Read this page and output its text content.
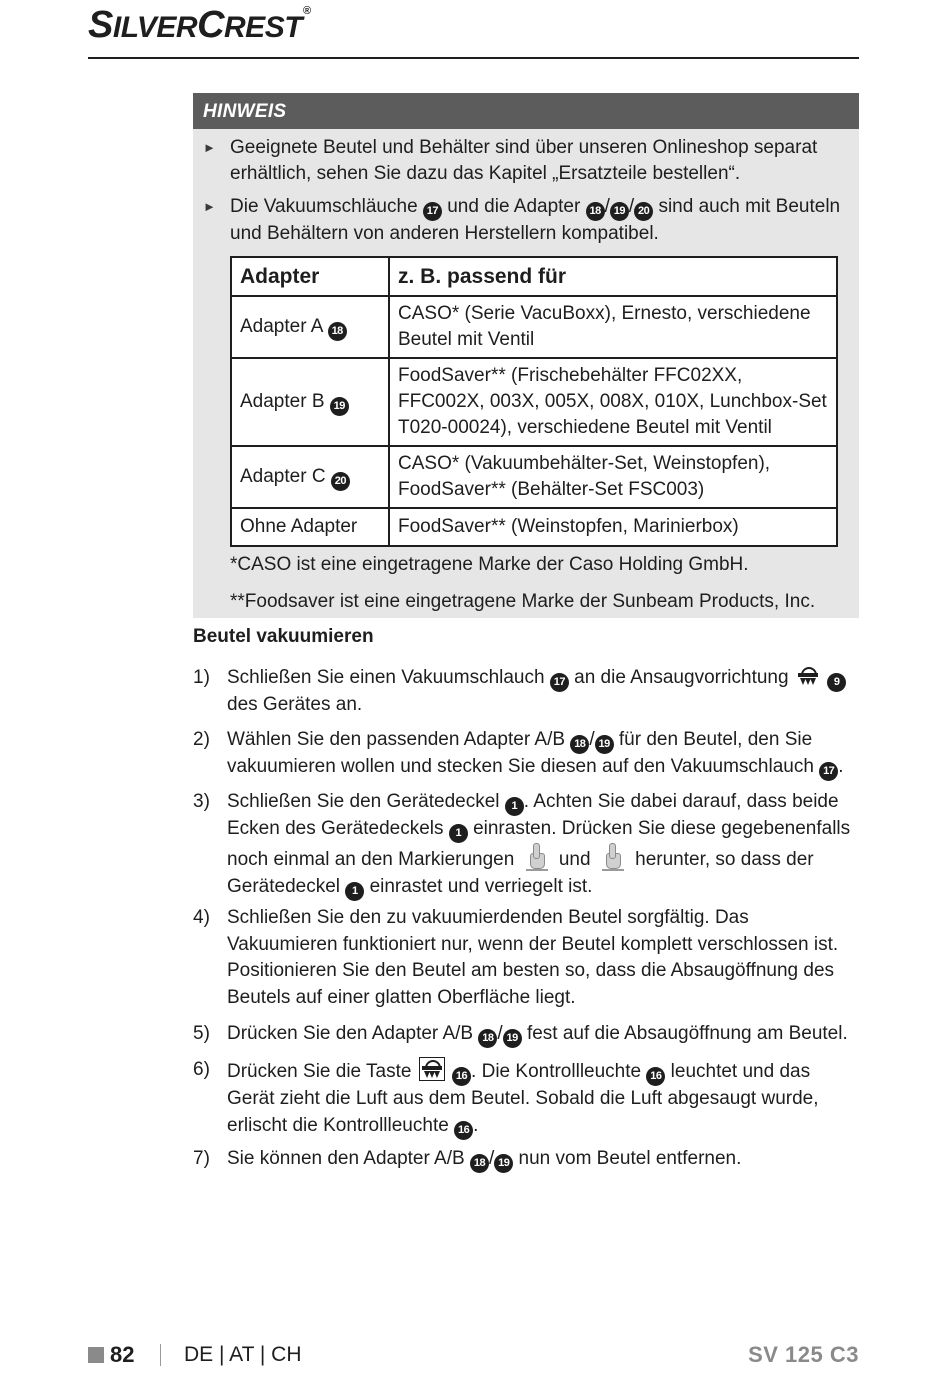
SILVERCREST®
HINWEIS
► Geeignete Beutel und Behälter sind über unseren Onlineshop separat erhältlich, sehen Sie dazu das Kapitel „Ersatzteile bestellen“.
► Die Vakuumschläuche 17 und die Adapter 18 / 19 / 20 sind auch mit Beuteln und Behältern von anderen Herstellern kompatibel.
Adapter	z. B. passend für
Adapter A 18	CASO* (Serie VacuBoxx), Ernesto, verschiedene Beutel mit Ventil
Adapter B 19	FoodSaver** (Frischebehälter FFC02XX, FFC002X, 003X, 005X, 008X, 010X, Lunchbox-Set T020-00024), verschiedene Beutel mit Ventil
Adapter C 20	CASO* (Vakuumbehälter-Set, Weinstopfen), FoodSaver** (Behälter-Set FSC003)
Ohne Adapter	FoodSaver** (Weinstopfen, Marinierbox)
*CASO ist eine eingetragene Marke der Caso Holding GmbH.
**Foodsaver ist eine eingetragene Marke der Sunbeam Products, Inc.
Beutel vakuumieren
1) Schließen Sie einen Vakuumschlauch 17 an die Ansaugvorrichtung	9 des Gerätes an.
2) Wählen Sie den passenden Adapter A/B 18 / 19 für den Beutel, den Sie vakuumieren wollen und stecken Sie diesen auf den Vakuumschlauch 17 .
3) Schließen Sie den Gerätedeckel 1 . Achten Sie dabei darauf, dass beide Ecken des Gerätedeckels 1 einrasten. Drücken Sie diese gegebenenfalls noch einmal an den Markierungen und herunter, so dass der Gerätedeckel 1 einrastet und verriegelt ist.
4) Schließen Sie den zu vakuumierdenden Beutel sorgfältig. Das Vakuumieren funktioniert nur, wenn der Beutel komplett verschlossen ist. Positionieren Sie den Beutel am besten so, dass die Absaugöffnung des Beutels auf einer glatten Oberfläche liegt.
5) Drücken Sie den Adapter A/B 18 / 19 fest auf die Absaugöffnung am Beutel.
6) Drücken Sie die Taste	16 . Die Kontrollleuchte 16 leuchtet und das Gerät zieht die Luft aus dem Beutel. Sobald die Luft abgesaugt wurde, erlischt die Kontrollleuchte 16 .
7) Sie können den Adapter A/B 18 / 19 nun vom Beutel entfernen.
82 DE | AT | CH	SV 125 C3
